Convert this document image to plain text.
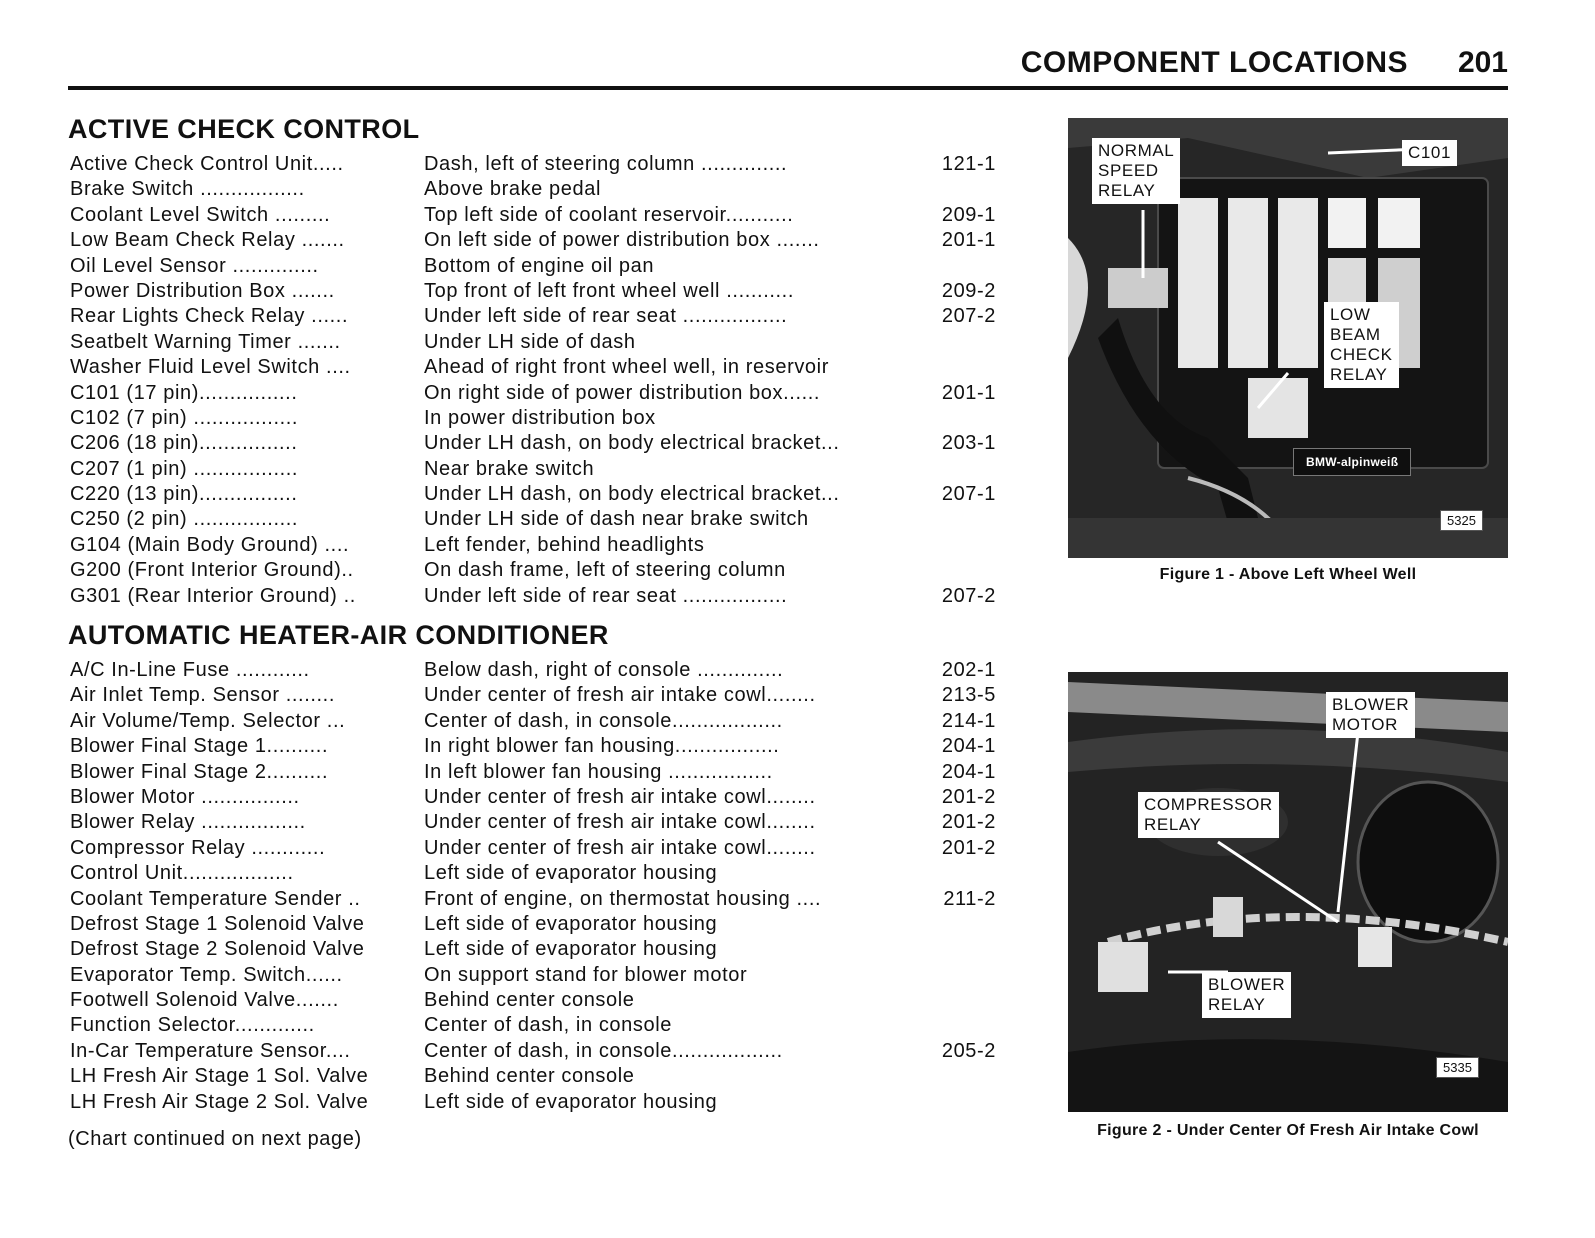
COMPONENT LOCATIONS 201
ACTIVE CHECK CONTROL
Active Check Control Unit.....	Dash, left of steering column ..............	121-1
Brake Switch .................	Above brake pedal
Coolant Level Switch .........	Top left side of coolant reservoir...........	209-1
Low Beam Check Relay .......	On left side of power distribution box .......	201-1
Oil Level Sensor ..............	Bottom of engine oil pan
Power Distribution Box .......	Top front of left front wheel well ...........	209-2
Rear Lights Check Relay ......	Under left side of rear seat .................	207-2
Seatbelt Warning Timer .......	Under LH side of dash
Washer Fluid Level Switch ....	Ahead of right front wheel well, in reservoir
C101 (17 pin)................	On right side of power distribution box......	201-1
C102 (7 pin) .................	In power distribution box
C206 (18 pin)................	Under LH dash, on body electrical bracket...	203-1
C207 (1 pin) .................	Near brake switch
C220 (13 pin)................	Under LH dash, on body electrical bracket...	207-1
C250 (2 pin) .................	Under LH side of dash near brake switch
G104 (Main Body Ground) ....	Left fender, behind headlights
G200 (Front Interior Ground)..	On dash frame, left of steering column
G301 (Rear Interior Ground) ..	Under left side of rear seat .................	207-2
AUTOMATIC HEATER-AIR CONDITIONER
A/C In-Line Fuse ............	Below dash, right of console ..............	202-1
Air Inlet Temp. Sensor ........	Under center of fresh air intake cowl........	213-5
Air Volume/Temp. Selector ...	Center of dash, in console..................	214-1
Blower Final Stage 1..........	In right blower fan housing.................	204-1
Blower Final Stage 2..........	In left blower fan housing .................	204-1
Blower Motor ................	Under center of fresh air intake cowl........	201-2
Blower Relay .................	Under center of fresh air intake cowl........	201-2
Compressor Relay ............	Under center of fresh air intake cowl........	201-2
Control Unit..................	Left side of evaporator housing
Coolant Temperature Sender ..	Front of engine, on thermostat housing ....	211-2
Defrost Stage 1 Solenoid Valve	Left side of evaporator housing
Defrost Stage 2 Solenoid Valve	Left side of evaporator housing
Evaporator Temp. Switch......	On support stand for blower motor
Footwell Solenoid Valve.......	Behind center console
Function Selector.............	Center of dash, in console
In-Car Temperature Sensor....	Center of dash, in console..................	205-2
LH Fresh Air Stage 1 Sol. Valve	Behind center console
LH Fresh Air Stage 2 Sol. Valve	Left side of evaporator housing
(Chart continued on next page)
NORMAL
SPEED
RELAY
C101
LOW
BEAM
CHECK
RELAY
BMW-alpinweiß
5325
Figure 1 - Above Left Wheel Well
BLOWER
MOTOR
COMPRESSOR
RELAY
BLOWER
RELAY
5335
Figure 2 - Under Center Of Fresh Air Intake Cowl
